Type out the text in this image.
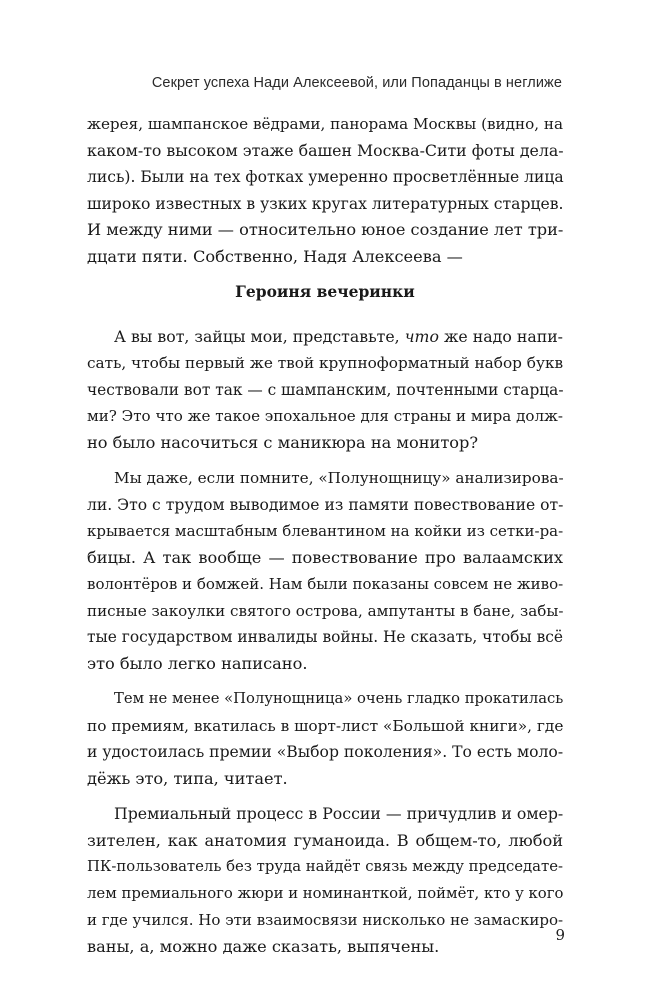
Секрет успеха Нади Алексеевой, или Попаданцы в неглиже
жерея, шампанское вёдрами, панорама Москвы (видно, на
каком-то высоком этаже башен Москва-Сити фоты дела-
лись). Были на тех фотках умеренно просветлённые лица
широко известных в узких кругах литературных старцев.
И между ними — относительно юное создание лет три-
дцати пяти. Собственно, Надя Алексеева —
Героиня вечеринки
А вы вот, зайцы мои, представьте, что же надо напи-
сать, чтобы первый же твой крупноформатный набор букв
чествовали вот так — с шампанским, почтенными старца-
ми? Это что же такое эпохальное для страны и мира долж-
но было насочиться с маникюра на монитор?
Мы даже, если помните, «Полунощницу» анализирова-
ли. Это с трудом выводимое из памяти повествование от-
крывается масштабным блевантином на койки из сетки-ра-
бицы. А так вообще — повествование про валаамских
волонтёров и бомжей. Нам были показаны совсем не живо-
писные закоулки святого острова, ампутанты в бане, забы-
тые государством инвалиды войны. Не сказать, чтобы всё
это было легко написано.
Тем не менее «Полунощница» очень гладко прокатилась
по премиям, вкатилась в шорт-лист «Большой книги», где
и удостоилась премии «Выбор поколения». То есть моло-
дёжь это, типа, читает.
Премиальный процесс в России — причудлив и омер-
зителен, как анатомия гуманоида. В общем-то, любой
ПК-пользователь без труда найдёт связь между председате-
лем премиального жюри и номинанткой, поймёт, кто у кого
и где учился. Но эти взаимосвязи нисколько не замаскиро-
ваны, а, можно даже сказать, выпячены.
9
